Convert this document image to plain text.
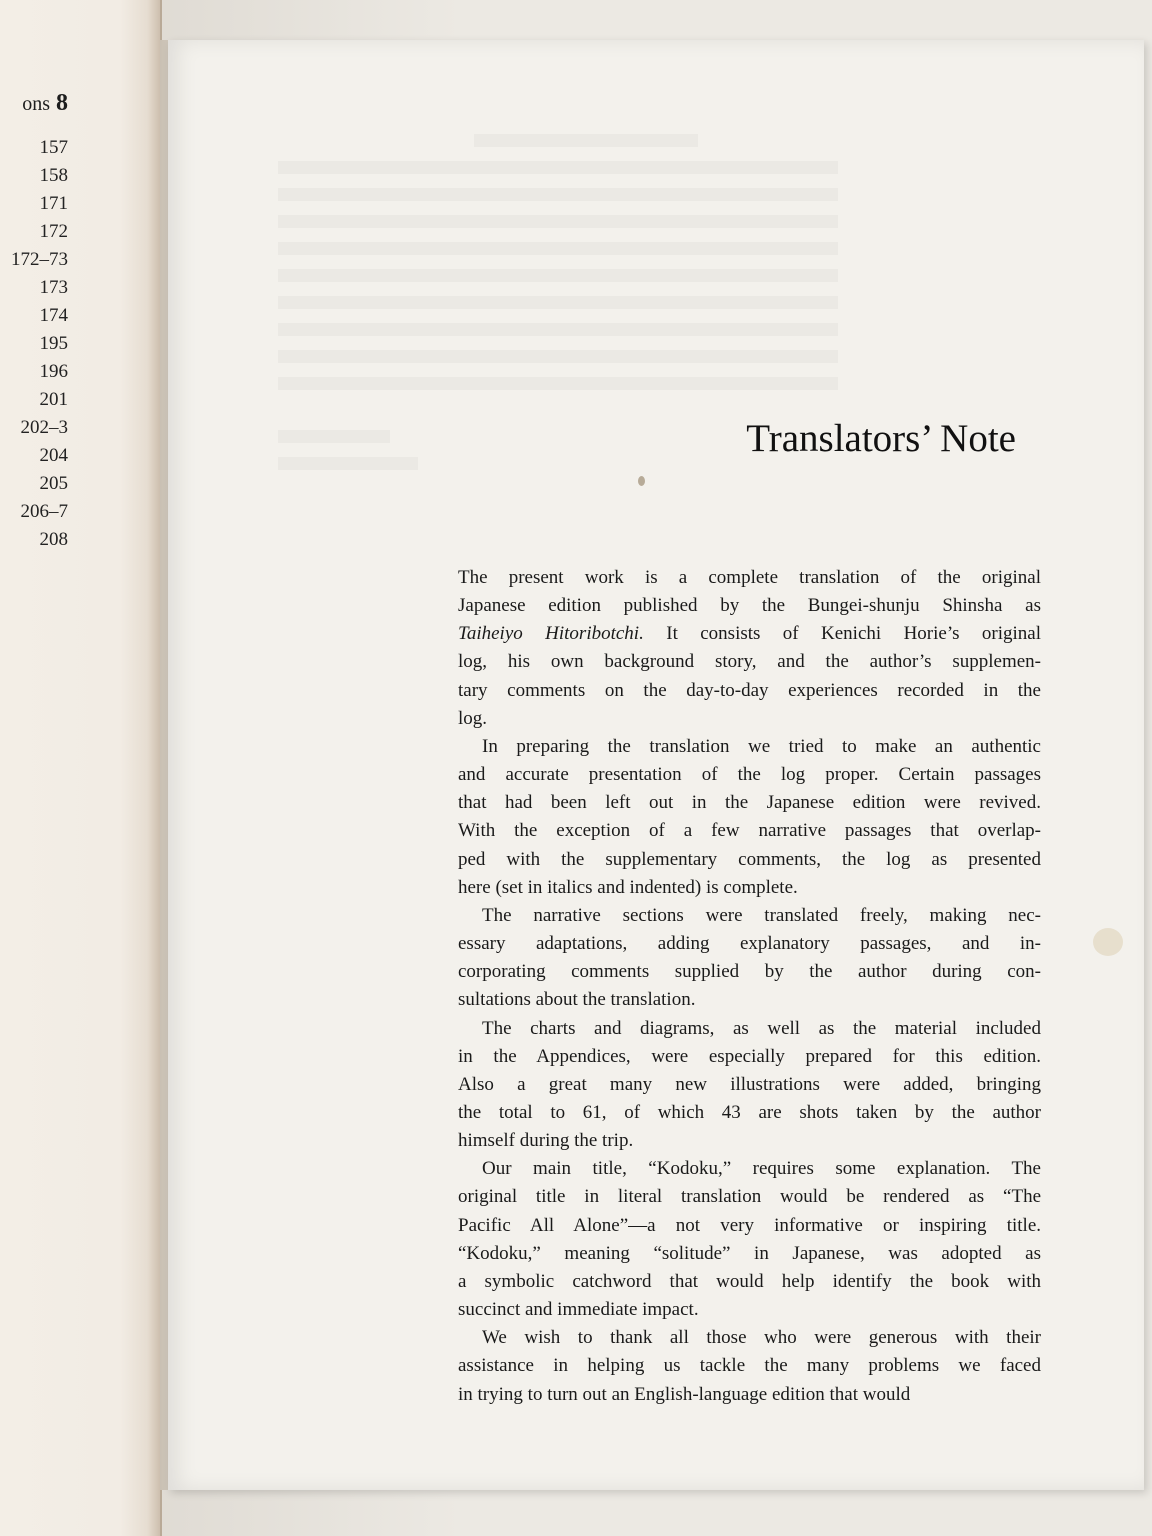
ons 8
157
158
171
172
172–73
173
174
195
196
201
202–3
204
205
206–7
208
Translators’ Note
The present work is a complete translation of the original
Japanese edition published by the Bungei-shunju Shinsha as
Taiheiyo Hitoribotchi. It consists of Kenichi Horie’s original
log, his own background story, and the author’s supplemen-
tary comments on the day-to-day experiences recorded in the
log.
In preparing the translation we tried to make an authentic
and accurate presentation of the log proper. Certain passages
that had been left out in the Japanese edition were revived.
With the exception of a few narrative passages that overlap-
ped with the supplementary comments, the log as presented
here (set in italics and indented) is complete.
The narrative sections were translated freely, making nec-
essary adaptations, adding explanatory passages, and in-
corporating comments supplied by the author during con-
sultations about the translation.
The charts and diagrams, as well as the material included
in the Appendices, were especially prepared for this edition.
Also a great many new illustrations were added, bringing
the total to 61, of which 43 are shots taken by the author
himself during the trip.
Our main title, “Kodoku,” requires some explanation. The
original title in literal translation would be rendered as “The
Pacific All Alone”—a not very informative or inspiring title.
“Kodoku,” meaning “solitude” in Japanese, was adopted as
a symbolic catchword that would help identify the book with
succinct and immediate impact.
We wish to thank all those who were generous with their
assistance in helping us tackle the many problems we faced
in trying to turn out an English-language edition that would
